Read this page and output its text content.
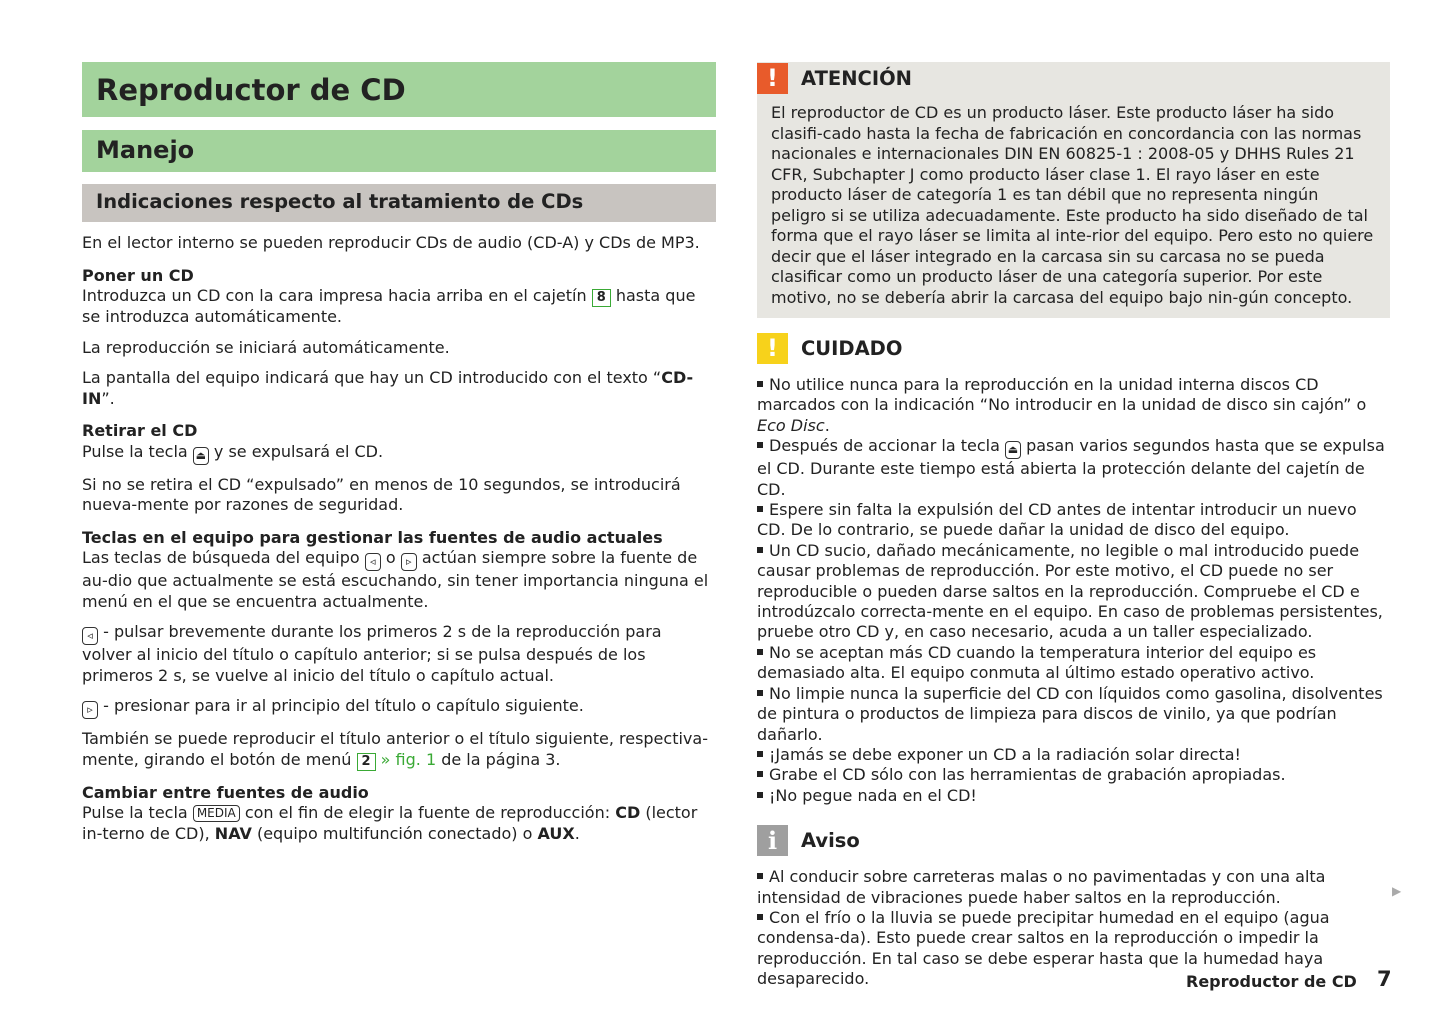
Reproductor de CD
Manejo
Indicaciones respecto al tratamiento de CDs

En el lector interno se pueden reproducir CDs de audio (CD-A) y CDs de MP3.

Poner un CD

Introduzca un CD con la cara impresa hacia arriba en el cajetín 8 hasta que se introduzca automáticamente.

La reproducción se iniciará automáticamente.

La pantalla del equipo indicará que hay un CD introducido con el texto “CD-IN”.

Retirar el CD

Pulse la tecla ⏏ y se expulsará el CD.

Si no se retira el CD “expulsado” en menos de 10 segundos, se introducirá nueva-mente por razones de seguridad.

Teclas en el equipo para gestionar las fuentes de audio actuales

Las teclas de búsqueda del equipo ◃ o ▹ actúan siempre sobre la fuente de au-dio que actualmente se está escuchando, sin tener importancia ninguna el menú en el que se encuentra actualmente.

◃ - pulsar brevemente durante los primeros 2 s de la reproducción para volver al inicio del título o capítulo anterior; si se pulsa después de los primeros 2 s, se vuelve al inicio del título o capítulo actual.

▹ - presionar para ir al principio del título o capítulo siguiente.

También se puede reproducir el título anterior o el título siguiente, respectiva-mente, girando el botón de menú 2 » fig. 1 de la página 3.

Cambiar entre fuentes de audio

Pulse la tecla MEDIA con el fin de elegir la fuente de reproducción: CD (lector in-terno de CD), NAV (equipo multifunción conectado) o AUX.

!	ATENCIÓN

El reproductor de CD es un producto láser. Este producto láser ha sido clasifi-cado hasta la fecha de fabricación en concordancia con las normas nacionales e internacionales DIN EN 60825-1 : 2008-05 y DHHS Rules 21 CFR, Subchapter J como producto láser clase 1. El rayo láser en este producto láser de categoría 1 es tan débil que no representa ningún peligro si se utiliza adecuadamente. Este producto ha sido diseñado de tal forma que el rayo láser se limita al inte-rior del equipo. Pero esto no quiere decir que el láser integrado en la carcasa sin su carcasa no se pueda clasificar como un producto láser de una categoría superior. Por este motivo, no se debería abrir la carcasa del equipo bajo nin-gún concepto.

!	CUIDADO

No utilice nunca para la reproducción en la unidad interna discos CD marcados con la indicación “No introducir en la unidad de disco sin cajón” o Eco Disc.

Después de accionar la tecla ⏏ pasan varios segundos hasta que se expulsa el CD. Durante este tiempo está abierta la protección delante del cajetín de CD.

Espere sin falta la expulsión del CD antes de intentar introducir un nuevo CD. De lo contrario, se puede dañar la unidad de disco del equipo.

Un CD sucio, dañado mecánicamente, no legible o mal introducido puede causar problemas de reproducción. Por este motivo, el CD puede no ser reproducible o pueden darse saltos en la reproducción. Compruebe el CD e introdúzcalo correcta-mente en el equipo. En caso de problemas persistentes, pruebe otro CD y, en caso necesario, acuda a un taller especializado.

No se aceptan más CD cuando la temperatura interior del equipo es demasiado alta. El equipo conmuta al último estado operativo activo.

No limpie nunca la superficie del CD con líquidos como gasolina, disolventes de pintura o productos de limpieza para discos de vinilo, ya que podrían dañarlo.

¡Jamás se debe exponer un CD a la radiación solar directa!

Grabe el CD sólo con las herramientas de grabación apropiadas.

¡No pegue nada en el CD!

i	Aviso

Al conducir sobre carreteras malas o no pavimentadas y con una alta intensidad de vibraciones puede haber saltos en la reproducción.

Con el frío o la lluvia se puede precipitar humedad en el equipo (agua condensa-da). Esto puede crear saltos en la reproducción o impedir la reproducción. En tal caso se debe esperar hasta que la humedad haya desaparecido.

▶
Reproductor de CD 7
